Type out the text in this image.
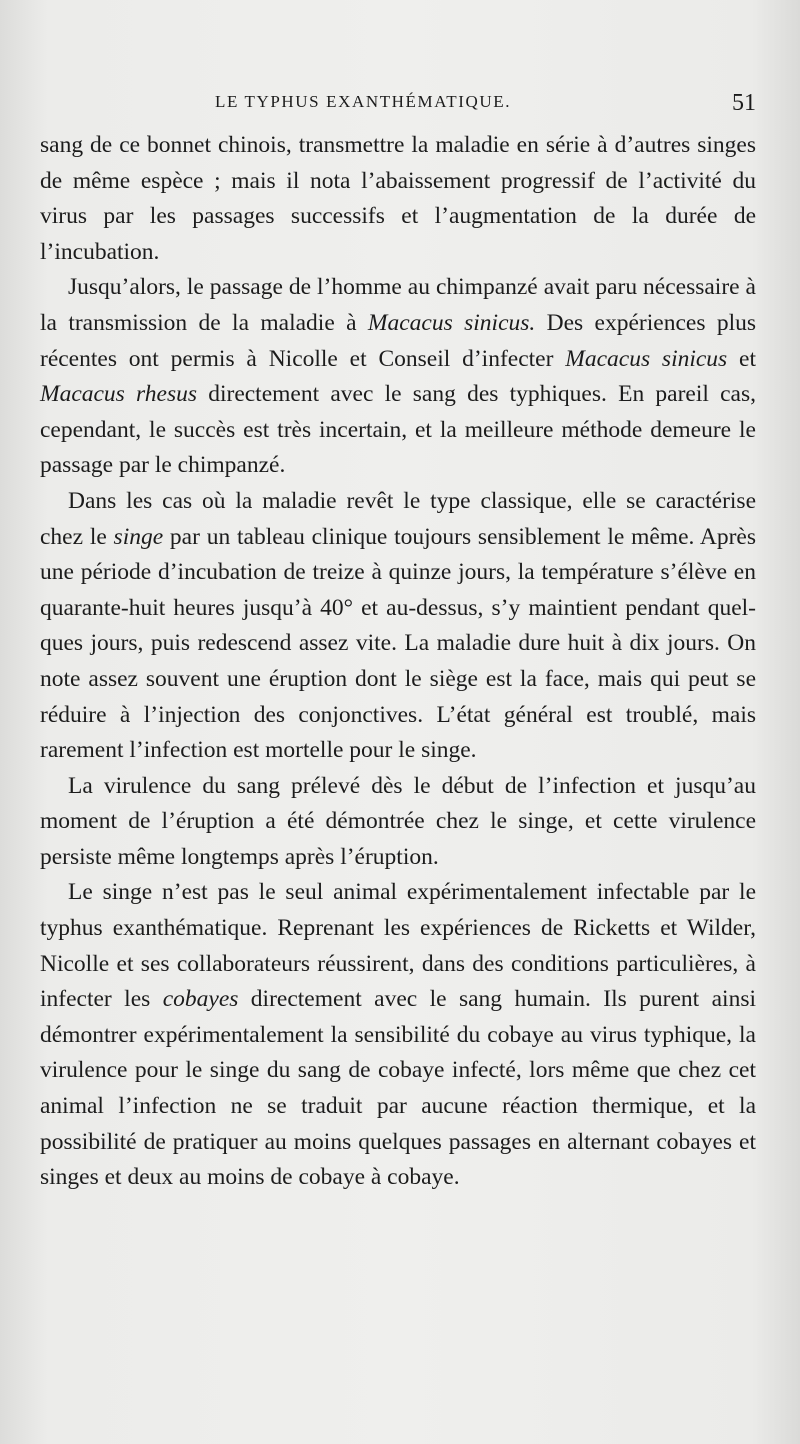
LE TYPHUS EXANTHÉMATIQUE.	51

sang de ce bonnet chinois, transmettre la maladie en série à d’autres singes de même espèce ; mais il nota l’abaissement progressif de l’activité du virus par les passages successifs et l’augmentation de la durée de l’incubation.

Jusqu’alors, le passage de l’homme au chimpanzé avait paru nécessaire à la transmission de la maladie à Macacus sinicus. Des expériences plus récentes ont permis à Nicolle et Conseil d’infecter Macacus sinicus et Macacus rhesus directement avec le sang des typhiques. En pareil cas, cependant, le succès est très incertain, et la meilleure méthode demeure le passage par le chimpanzé.

Dans les cas où la maladie revêt le type classique, elle se caractérise chez le singe par un tableau clinique toujours sensiblement le même. Après une période d’incubation de treize à quinze jours, la température s’élève en quarante-huit heures jusqu’à 40° et au-dessus, s’y maintient pendant quelques jours, puis redescend assez vite. La maladie dure huit à dix jours. On note assez souvent une éruption dont le siège est la face, mais qui peut se réduire à l’injection des conjonctives. L’état général est troublé, mais rarement l’infection est mortelle pour le singe.

La virulence du sang prélevé dès le début de l’infection et jusqu’au moment de l’éruption a été démontrée chez le singe, et cette virulence persiste même longtemps après l’éruption.

Le singe n’est pas le seul animal expérimentalement infectable par le typhus exanthématique. Reprenant les expériences de Ricketts et Wilder, Nicolle et ses collaborateurs réussirent, dans des conditions particulières, à infecter les cobayes directement avec le sang humain. Ils purent ainsi démontrer expérimentalement la sensibilité du cobaye au virus typhique, la virulence pour le singe du sang de cobaye infecté, lors même que chez cet animal l’infection ne se traduit par aucune réaction thermique, et la possibilité de pratiquer au moins quelques passages en alternant cobayes et singes et deux au moins de cobaye à cobaye.
